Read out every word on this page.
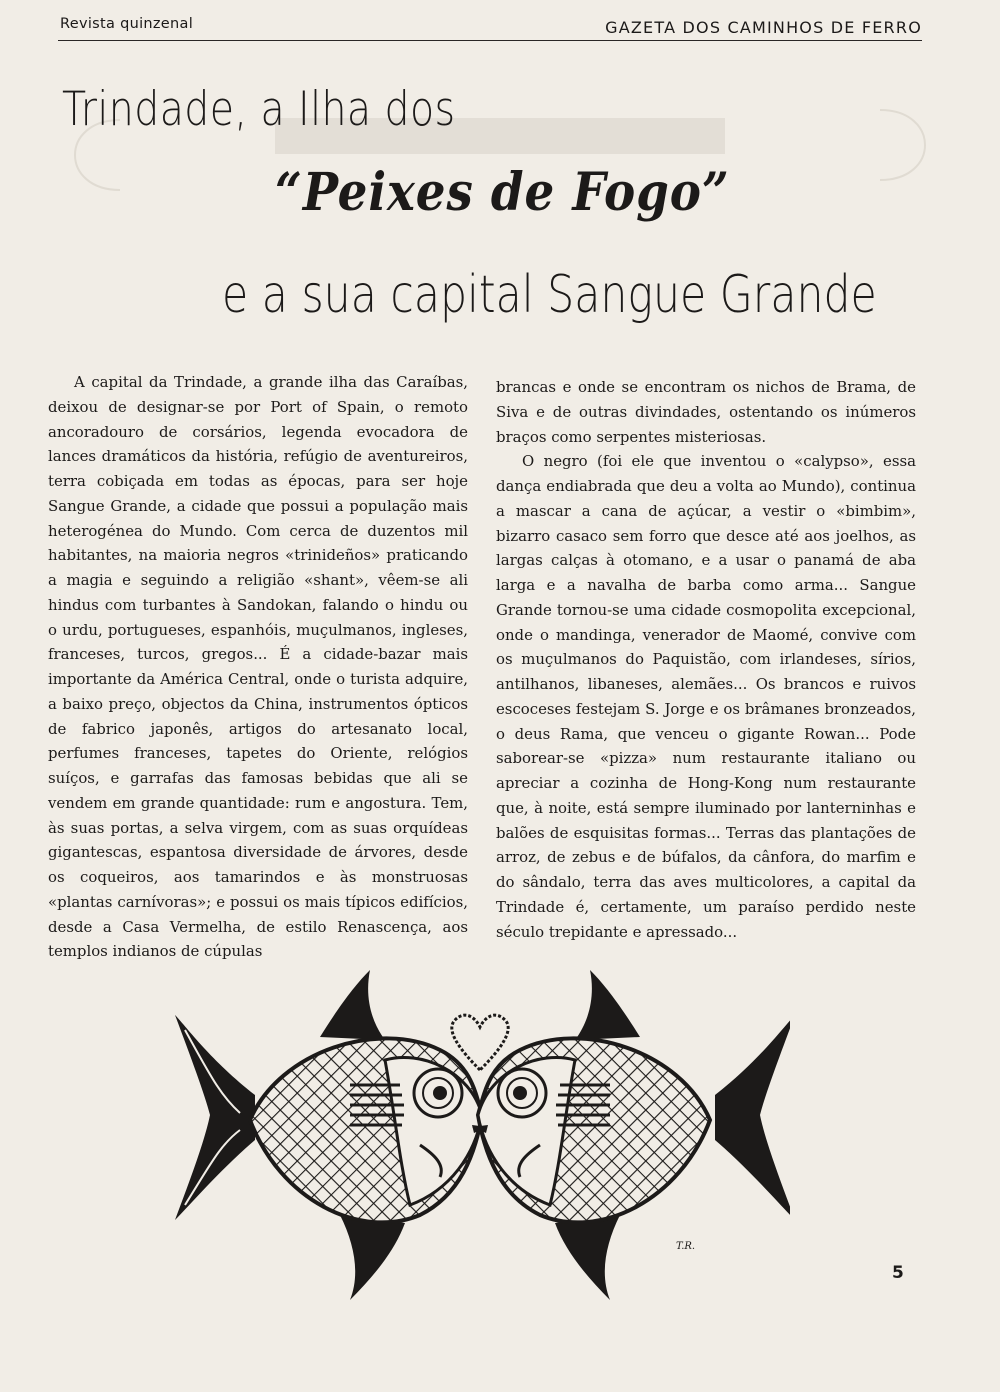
Revista quinzenal	GAZETA DOS CAMINHOS DE FERRO
Trindade, a Ilha dos
“Peixes de Fogo”
e a sua capital Sangue Grande

A capital da Trindade, a grande ilha das Caraíbas, deixou de designar-se por Port of Spain, o remoto ancoradouro de corsários, legenda evocadora de lances dramáticos da história, refúgio de aventureiros, terra cobiçada em todas as épocas, para ser hoje Sangue Grande, a cidade que possui a população mais heterogénea do Mundo. Com cerca de duzentos mil habitantes, na maioria negros «trinideños» praticando a magia e seguindo a religião «shant», vêem-se ali hindus com turbantes à Sandokan, falando o hindu ou o urdu, portugueses, espanhóis, muçulmanos, ingleses, franceses, turcos, gregos... É a cidade-bazar mais importante da América Central, onde o turista adquire, a baixo preço, objectos da China, instrumentos ópticos de fabrico japonês, artigos do artesanato local, perfumes franceses, tapetes do Oriente, relógios suíços, e garrafas das famosas bebidas que ali se vendem em grande quantidade: rum e angostura. Tem, às suas portas, a selva virgem, com as suas orquídeas gigantescas, espantosa diversidade de árvores, desde os coqueiros, aos tamarindos e às monstruosas «plantas carnívoras»; e possui os mais típicos edifícios, desde a Casa Vermelha, de estilo Renascença, aos templos indianos de cúpulas

brancas e onde se encontram os nichos de Brama, de Siva e de outras divindades, ostentando os inúmeros braços como serpentes misteriosas.

O negro (foi ele que inventou o «calypso», essa dança endiabrada que deu a volta ao Mundo), continua a mascar a cana de açúcar, a vestir o «bimbim», bizarro casaco sem forro que desce até aos joelhos, as largas calças à otomano, e a usar o panamá de aba larga e a navalha de barba como arma... Sangue Grande tornou-se uma cidade cosmopolita excepcional, onde o mandinga, venerador de Maomé, convive com os muçulmanos do Paquistão, com irlandeses, sírios, antilhanos, libaneses, alemães... Os brancos e ruivos escoceses festejam S. Jorge e os brâmanes bronzeados, o deus Rama, que venceu o gigante Rowan... Pode saborear-se «pizza» num restaurante italiano ou apreciar a cozinha de Hong-Kong num restaurante que, à noite, está sempre iluminado por lanterninhas e balões de esquisitas formas... Terras das plantações de arroz, de zebus e de búfalos, da cânfora, do marfim e do sândalo, terra das aves multicolores, a capital da Trindade é, certamente, um paraíso perdido neste século trepidante e apressado...

T.R.
5
